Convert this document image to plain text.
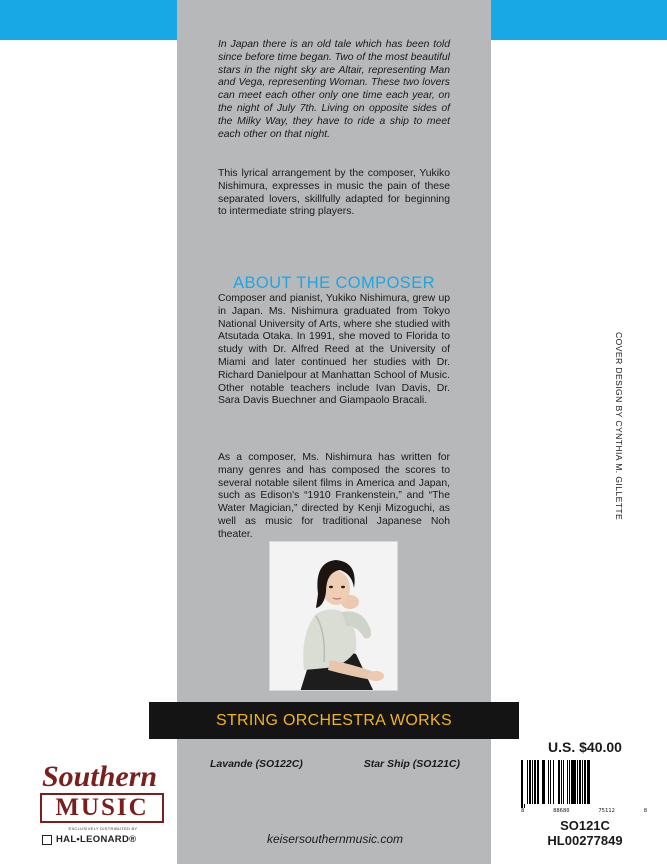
In Japan there is an old tale which has been told since before time began. Two of the most beautiful stars in the night sky are Altair, representing Man and Vega, representing Woman. These two lovers can meet each other only one time each year, on the night of July 7th. Living on opposite sides of the Milky Way, they have to ride a ship to meet each other on that night.

This lyrical arrangement by the composer, Yukiko Nishimura, expresses in music the pain of these separated lovers, skillfully adapted for beginning to intermediate string players.

ABOUT THE COMPOSER

Composer and pianist, Yukiko Nishimura, grew up in Japan. Ms. Nishimura graduated from Tokyo National University of Arts, where she studied with Atsutada Otaka. In 1991, she moved to Florida to study with Dr. Alfred Reed at the University of Miami and later continued her studies with Dr. Richard Danielpour at Manhattan School of Music. Other notable teachers include Ivan Davis, Dr. Sara Davis Buechner and Giampaolo Bracali.

As a composer, Ms. Nishimura has written for many genres and has composed the scores to several notable silent films in America and Japan, such as Edison's “1910 Frankenstein,” and “The Water Magician,” directed by Kenji Mizoguchi, as well as music for traditional Japanese Noh theater.

STRING ORCHESTRA WORKS
Lavande (SO122C)	Star Ship (SO121C)
keisersouthernmusic.com
COVER DESIGN BY CYNTHIA M. GILLETTE
Southern
MUSIC
EXCLUSIVELY DISTRIBUTED BY
HAL•LEONARD®
U.S. $40.00
8	88680	75112	8
SO121C
HL00277849
